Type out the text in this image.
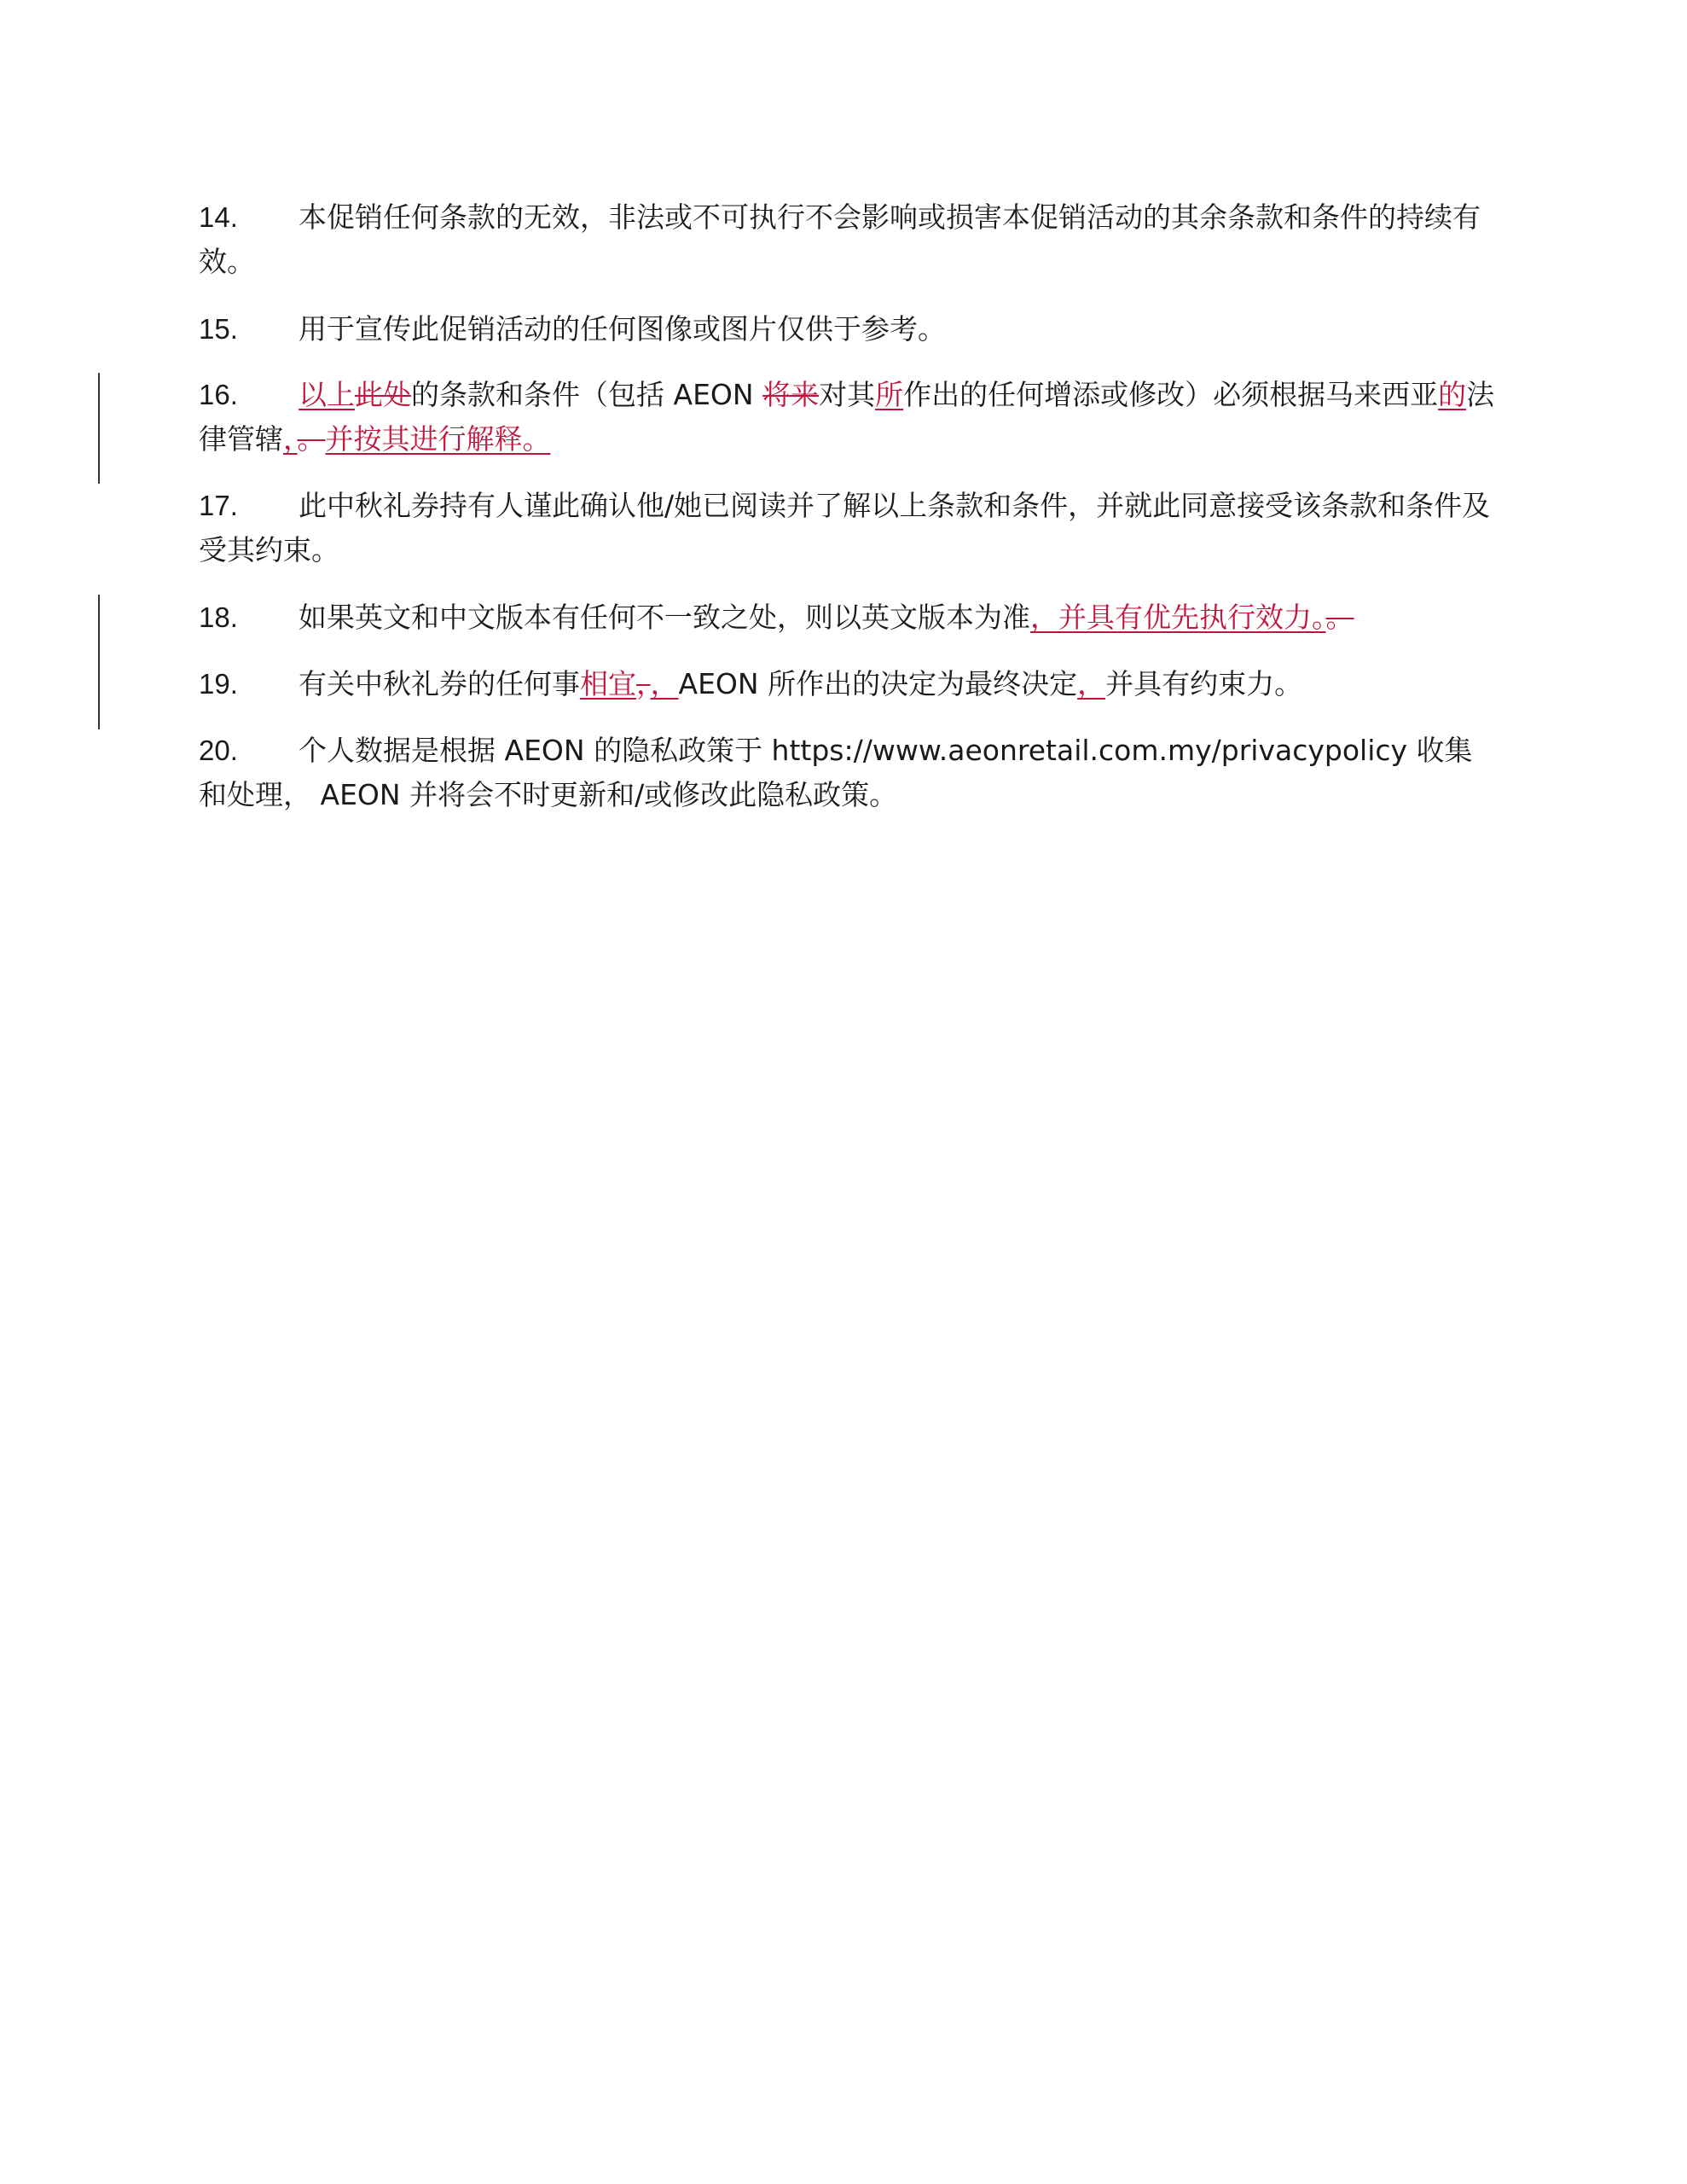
14. 本促销任何条款的无效，非法或不可执行不会影响或损害本促销活动的其余条款和条件的持续有效。

15. 用于宣传此促销活动的任何图像或图片仅供于参考。

16. 以上此处的条款和条件（包括 AEON 将来对其所作出的任何增添或修改）必须根据马来西亚的法律管辖，。并按其进行解释。

17. 此中秋礼券持有人谨此确认他/她已阅读并了解以上条款和条件，并就此同意接受该条款和条件及受其约束。

18. 如果英文和中文版本有任何不一致之处，则以英文版本为准，并具有优先执行效力。。

19. 有关中秋礼券的任何事相宜，，AEON 所作出的决定为最终决定，并具有约束力。

20. 个人数据是根据 AEON 的隐私政策于 https://www.aeonretail.com.my/privacypolicy 收集和处理， AEON 并将会不时更新和/或修改此隐私政策。
